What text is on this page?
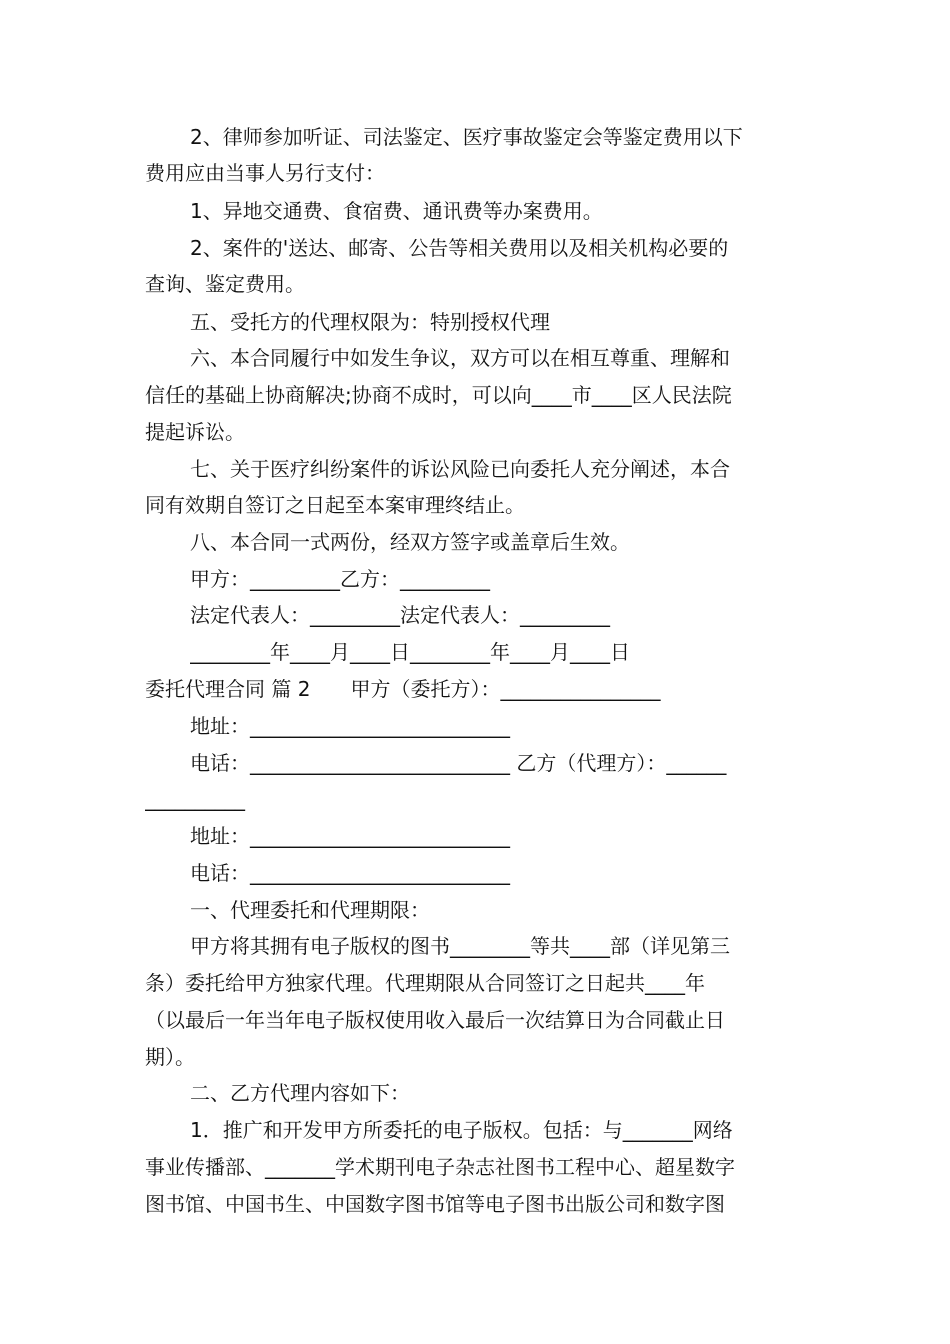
2、律师参加听证、司法鉴定、医疗事故鉴定会等鉴定费用以下
费用应由当事人另行支付：
1、异地交通费、食宿费、通讯费等办案费用。
2、案件的'送达、邮寄、公告等相关费用以及相关机构必要的
查询、鉴定费用。
五、受托方的代理权限为：特别授权代理
六、本合同履行中如发生争议，双方可以在相互尊重、理解和
信任的基础上协商解决;协商不成时，可以向____市____区人民法院
提起诉讼。
七、关于医疗纠纷案件的诉讼风险已向委托人充分阐述，本合
同有效期自签订之日起至本案审理终结止。
八、本合同一式两份，经双方签字或盖章后生效。
甲方：_________乙方：_________
法定代表人：_________法定代表人：_________
________年____月____日________年____月____日
委托代理合同 篇 2　　甲方（委托方）：________________
地址：__________________________
电话：__________________________ 乙方（代理方）：______
__________
地址：__________________________
电话：__________________________
一、代理委托和代理期限：
甲方将其拥有电子版权的图书________等共____部（详见第三
条）委托给甲方独家代理。代理期限从合同签订之日起共____年
（以最后一年当年电子版权使用收入最后一次结算日为合同截止日
期）。
二、乙方代理内容如下：
1．推广和开发甲方所委托的电子版权。包括：与_______网络
事业传播部、_______学术期刊电子杂志社图书工程中心、超星数字
图书馆、中国书生、中国数字图书馆等电子图书出版公司和数字图
